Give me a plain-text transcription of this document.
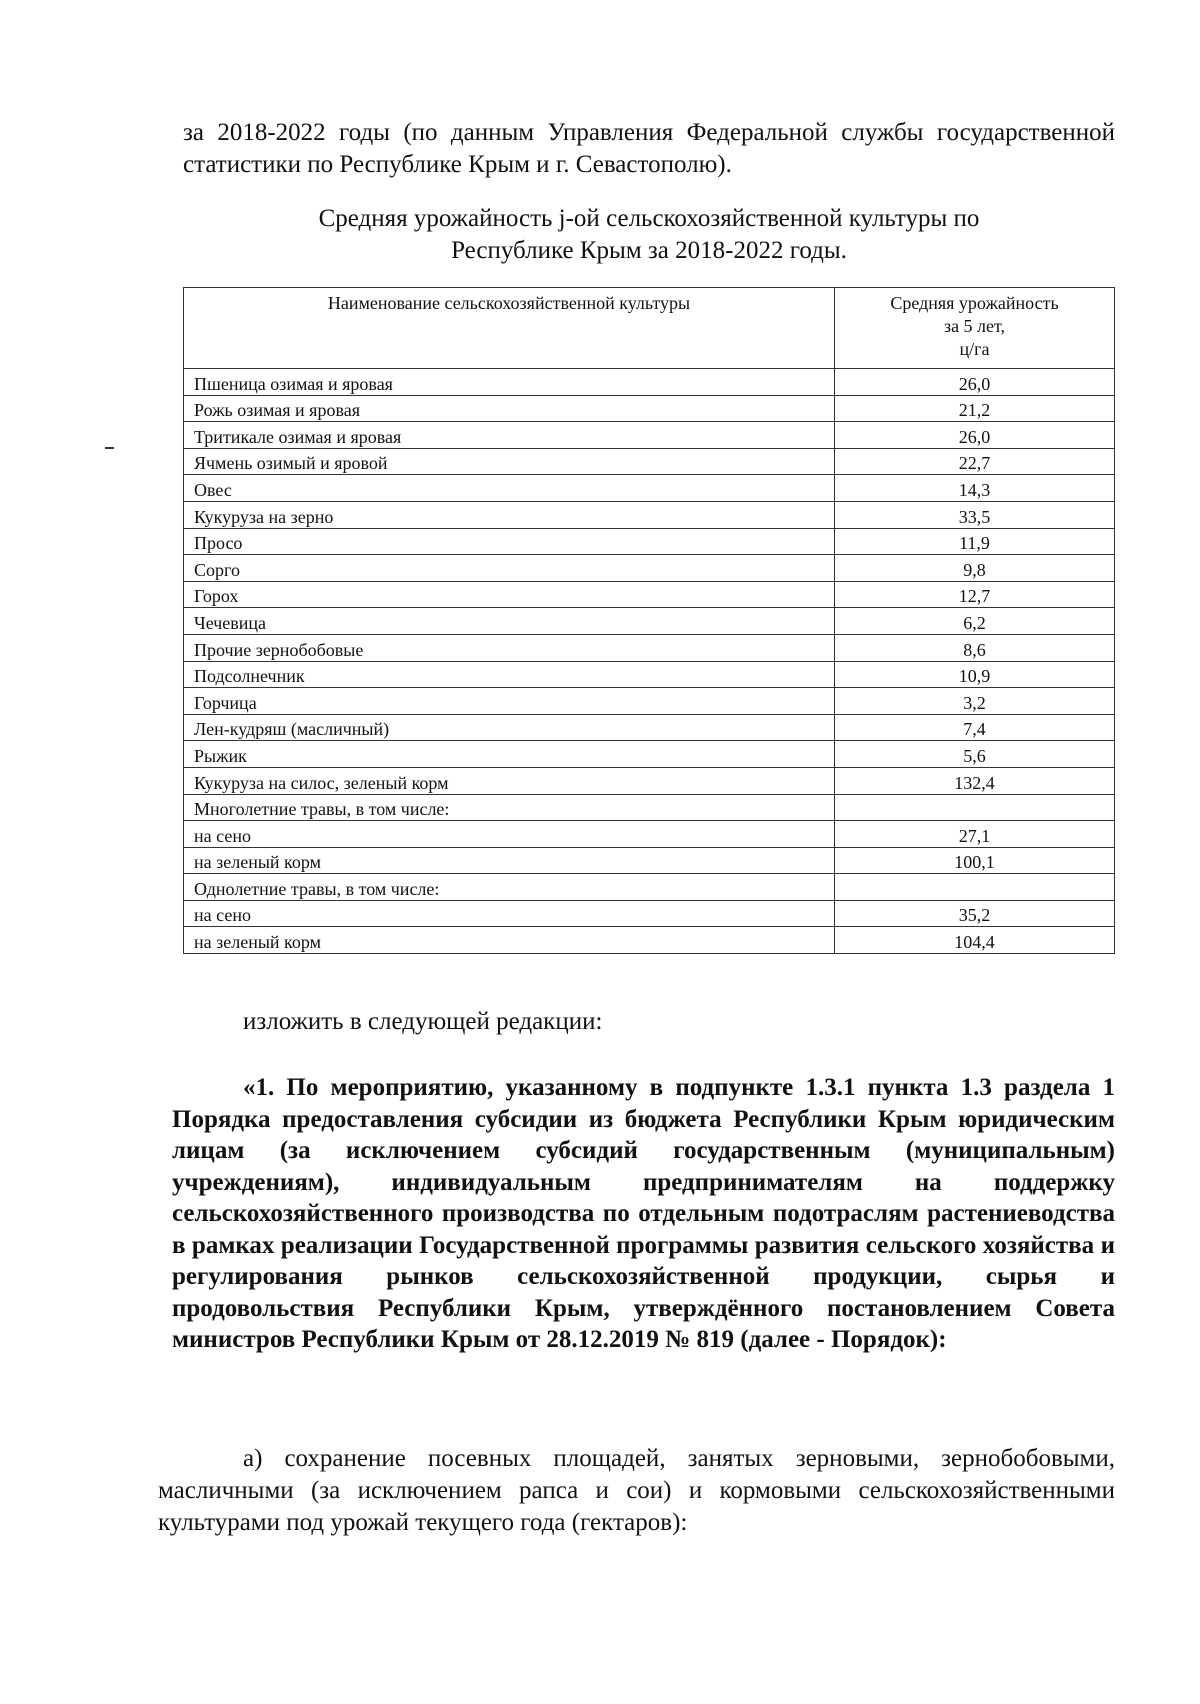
за 2018-2022 годы (по данным Управления Федеральной службы государственной статистики по Республике Крым и г. Севастополю).
Средняя урожайность j-ой сельскохозяйственной культуры по
Республике Крым за 2018-2022 годы.
Наименование сельскохозяйственной культуры	Средняя урожайность
за 5 лет,
ц/га

Пшеница озимая и яровая	26,0
Рожь озимая и яровая	21,2
Тритикале озимая и яровая	26,0
Ячмень озимый и яровой	22,7
Овес	14,3
Кукуруза на зерно	33,5
Просо	11,9
Сорго	9,8
Горох	12,7
Чечевица	6,2
Прочие зернобобовые	8,6
Подсолнечник	10,9
Горчица	3,2
Лен-кудряш (масличный)	7,4
Рыжик	5,6
Кукуруза на силос, зеленый корм	132,4
Многолетние травы, в том числе:	
на сено	27,1
на зеленый корм	100,1
Однолетние травы, в том числе:	
на сено	35,2
на зеленый корм	104,4
изложить в следующей редакции:
«1. По мероприятию, указанному в подпункте 1.3.1 пункта 1.3 раздела 1 Порядка предоставления субсидии из бюджета Республики Крым юридическим лицам (за исключением субсидий государственным (муниципальным) учреждениям), индивидуальным предпринимателям на поддержку сельскохозяйственного производства по отдельным подотраслям растениеводства в рамках реализации Государственной программы развития сельского хозяйства и регулирования рынков сельскохозяйственной продукции, сырья и продовольствия Республики Крым, утверждённого постановлением Совета министров Республики Крым от 28.12.2019 № 819 (далее - Порядок):
а) сохранение посевных площадей, занятых зерновыми, зернобобовыми, масличными (за исключением рапса и сои) и кормовыми сельскохозяйственными культурами под урожай текущего года (гектаров):
